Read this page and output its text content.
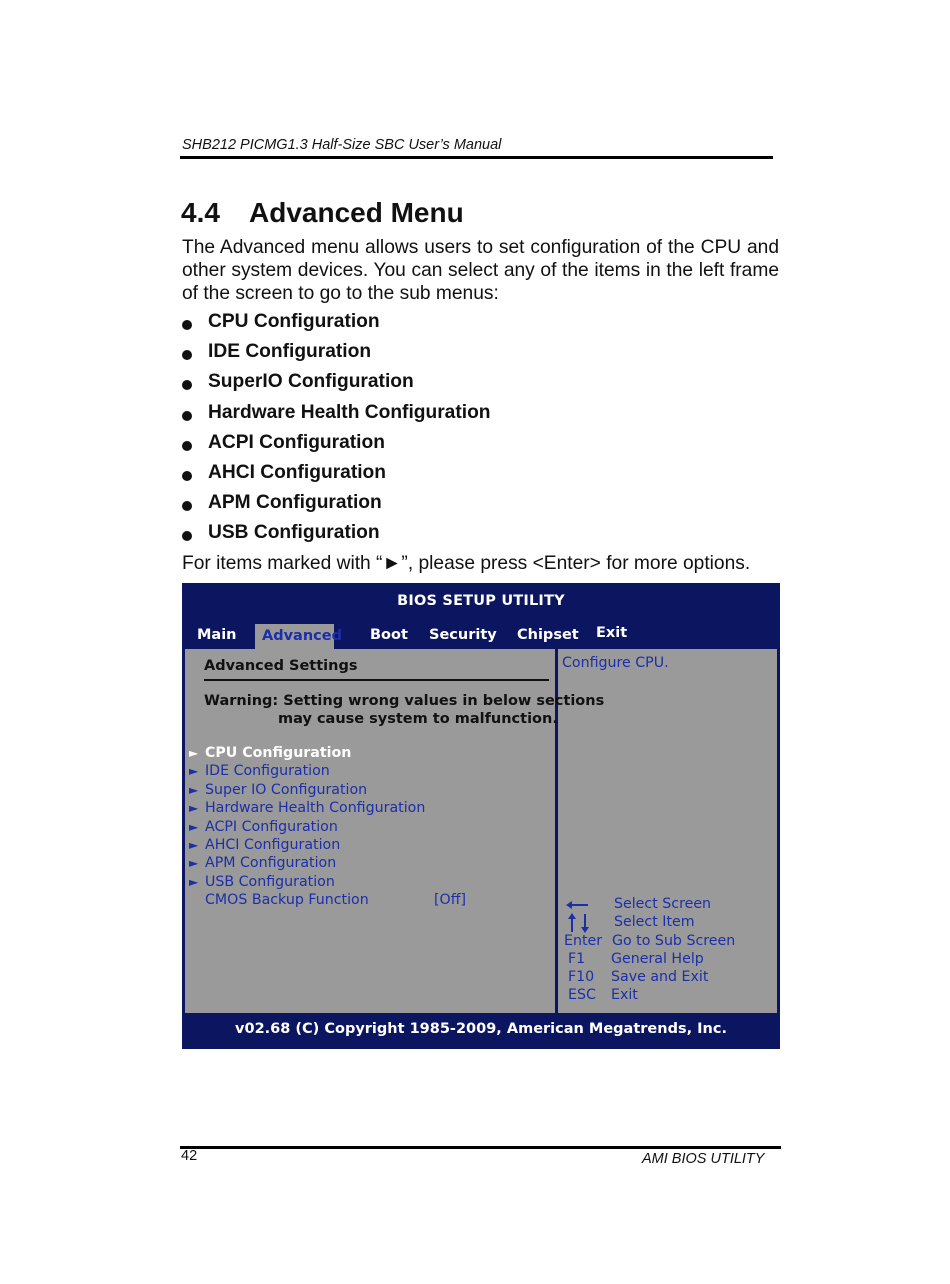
SHB212 PICMG1.3 Half-Size SBC User’s Manual
4.4 Advanced Menu
The Advanced menu allows users to set configuration of the CPU and other system devices. You can select any of the items in the left frame of the screen to go to the sub menus:
CPU Configuration
IDE Configuration
SuperIO Configuration
Hardware Health Configuration
ACPI Configuration
AHCI Configuration
APM Configuration
USB Configuration
For items marked with “►”, please press <Enter> for more options.
BIOS SETUP UTILITY
Main Advanced Boot Security Chipset Exit
Advanced Settings
Warning: Setting wrong values in below sections
may cause system to malfunction.
► CPU Configuration
► IDE Configuration
► Super IO Configuration
► Hardware Health Configuration
► ACPI Configuration
► AHCI Configuration
► APM Configuration
► USB Configuration
CMOS Backup Function	[Off]
Configure CPU.
Select Screen
Select Item
Enter Go to Sub Screen
F1 General Help
F10 Save and Exit
ESC Exit
v02.68 (C) Copyright 1985-2009, American Megatrends, Inc.
42	AMI BIOS UTILITY
